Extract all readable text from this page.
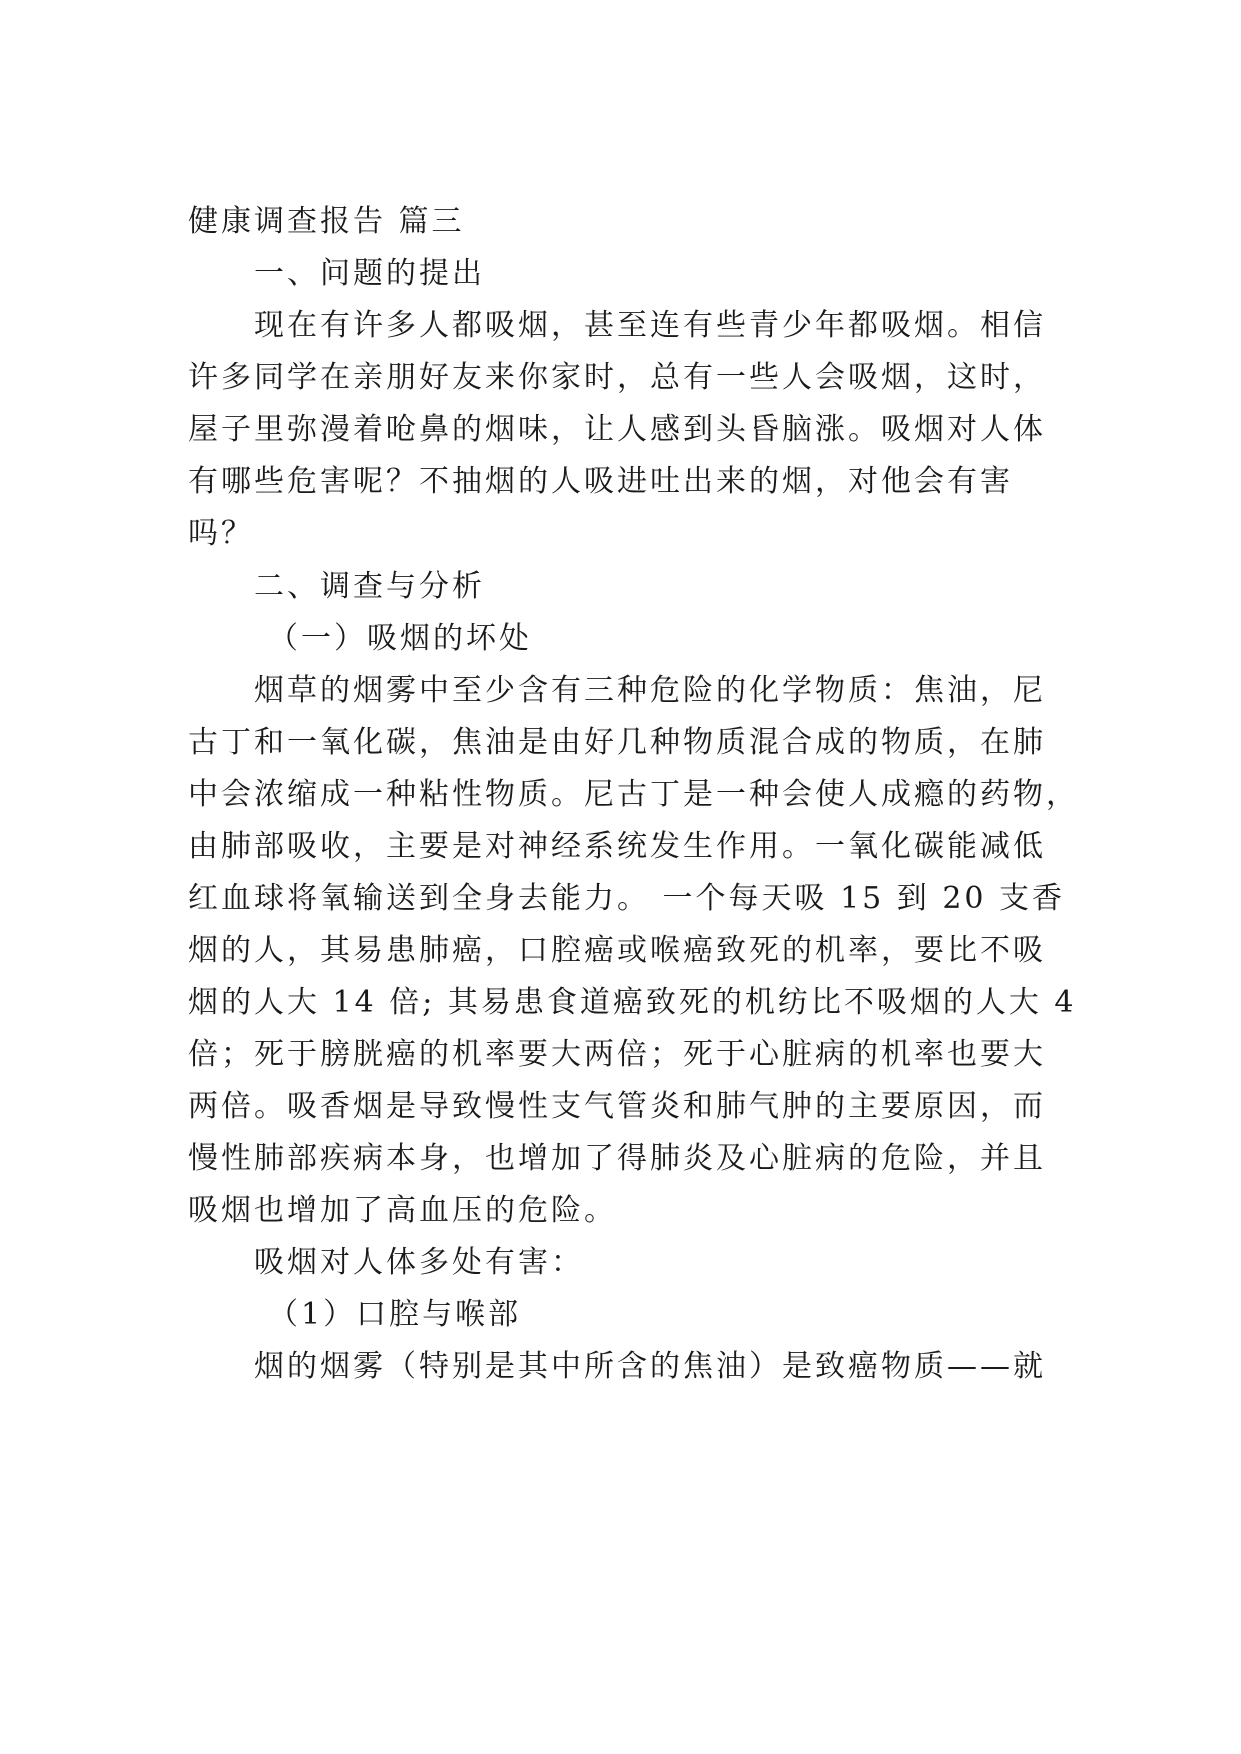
健康调查报告 篇三
一、问题的提出
现在有许多人都吸烟，甚至连有些青少年都吸烟。相信
许多同学在亲朋好友来你家时，总有一些人会吸烟，这时，
屋子里弥漫着呛鼻的烟味，让人感到头昏脑涨。吸烟对人体
有哪些危害呢？不抽烟的人吸进吐出来的烟，对他会有害
吗？
二、调查与分析
（一）吸烟的坏处
烟草的烟雾中至少含有三种危险的化学物质：焦油，尼
古丁和一氧化碳，焦油是由好几种物质混合成的物质，在肺
中会浓缩成一种粘性物质。尼古丁是一种会使人成瘾的药物，
由肺部吸收，主要是对神经系统发生作用。一氧化碳能减低
红血球将氧输送到全身去能力。 一个每天吸 15 到 20 支香
烟的人，其易患肺癌，口腔癌或喉癌致死的机率，要比不吸
烟的人大 14 倍; 其易患食道癌致死的机纺比不吸烟的人大 4
倍；死于膀胱癌的机率要大两倍；死于心脏病的机率也要大
两倍。吸香烟是导致慢性支气管炎和肺气肿的主要原因，而
慢性肺部疾病本身，也增加了得肺炎及心脏病的危险，并且
吸烟也增加了高血压的危险。
吸烟对人体多处有害：
（1）口腔与喉部
烟的烟雾（特别是其中所含的焦油）是致癌物质——就
